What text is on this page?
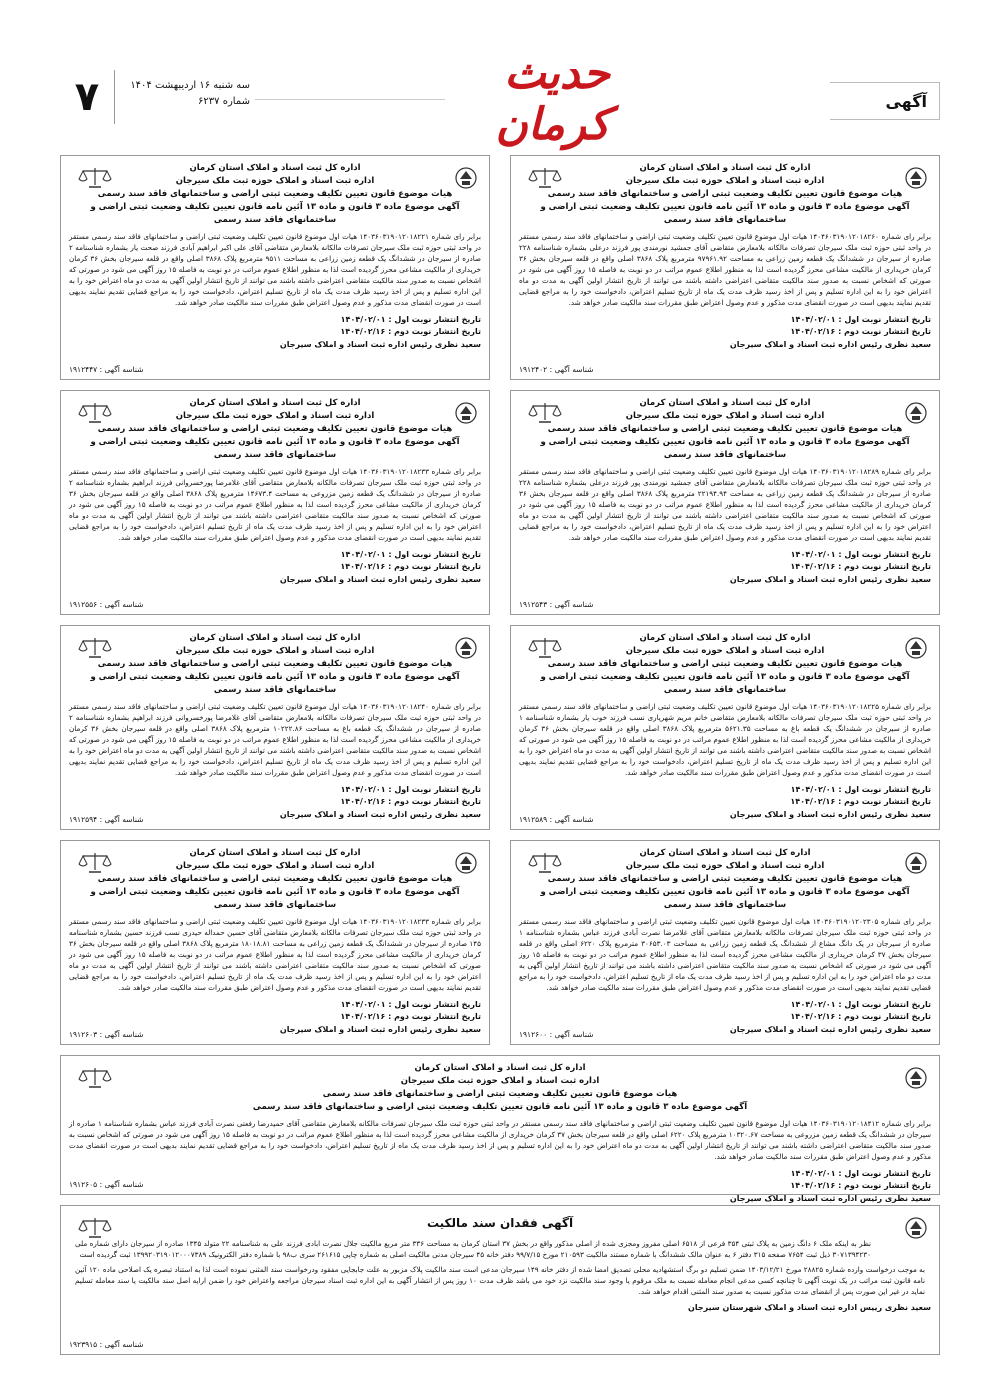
آگهی
حدیث کرمان
سه شنبه ۱۶ اردیبهشت ۱۴۰۴
شماره ۶۲۳۷
۷
اداره کل ثبت اسناد و املاک استان کرمان
اداره ثبت اسناد و املاک حوزه ثبت ملک سیرجان
هیات موضوع قانون تعیین تکلیف وضعیت ثبتی اراضی و ساختمانهای فاقد سند رسمی
آگهی موضوع ماده ۳ قانون و ماده ۱۳ آئین نامه قانون تعیین تکلیف وضعیت ثبتی اراضی و ساختمانهای فاقد سند رسمی
برابر رای شماره ۱۴۰۴۶۰۳۱۹۰۱۲۰۱۸۲۶۰ هیات اول موضوع قانون تعیین تکلیف وضعیت ثبتی اراضی و ساختمانهای فاقد سند رسمی مستقر در واحد ثبتی حوزه ثبت ملک سیرجان تصرفات مالکانه بلامعارض متقاضی آقای جمشید نورمندی پور فرزند درعلی بشماره شناسنامه ۲۲۸ صادره از سیرجان در ششدانگ یک قطعه زمین زراعی به مساحت ۹۷۹۶۱.۹۲ مترمربع پلاک ۳۸۶۸ اصلی واقع در قلعه سیرجان بخش ۳۶ کرمان خریداری از مالکیت مشاعی محرز گردیده است لذا به منظور اطلاع عموم مراتب در دو نوبت به فاصله ۱۵ روز آگهی می شود در صورتی که اشخاص نسبت به صدور سند مالکیت متقاضی اعتراضی داشته باشند می توانند از تاریخ انتشار اولین آگهی به مدت دو ماه اعتراض خود را به این اداره تسلیم و پس از اخذ رسید ظرف مدت یک ماه از تاریخ تسلیم اعتراض، دادخواست خود را به مراجع قضایی تقدیم نمایند بدیهی است در صورت انقضای مدت مذکور و عدم وصول اعتراض طبق مقررات سند مالکیت صادر خواهد شد.
تاریخ انتشار نوبت اول : ۱۴۰۴/۰۲/۰۱
تاریخ انتشار نوبت دوم : ۱۴۰۴/۰۲/۱۶
سعید نظری رئیس اداره ثبت اسناد و املاک سیرجان
شناسه آگهی : ۱۹۱۲۴۰۲
اداره کل ثبت اسناد و املاک استان کرمان
اداره ثبت اسناد و املاک حوزه ثبت ملک سیرجان
هیات موضوع قانون تعیین تکلیف وضعیت ثبتی اراضی و ساختمانهای فاقد سند رسمی
آگهی موضوع ماده ۳ قانون و ماده ۱۳ آئین نامه قانون تعیین تکلیف وضعیت ثبتی اراضی و ساختمانهای فاقد سند رسمی
برابر رای شماره ۱۴۰۳۶۰۳۱۹۰۱۲۰۱۸۲۲۱ هیات اول موضوع قانون تعیین تکلیف وضعیت ثبتی اراضی و ساختمانهای فاقد سند رسمی مستقر در واحد ثبتی حوزه ثبت ملک سیرجان تصرفات مالکانه بلامعارض متقاضی آقای علی اکبر ابراهیم آبادی فرزند صحت یار بشماره شناسنامه ۲ صادره از سیرجان در ششدانگ یک قطعه زمین زراعی به مساحت ۹۵۱۱ مترمربع پلاک ۳۸۶۸ اصلی واقع در قلعه سیرجان بخش ۳۶ کرمان خریداری از مالکیت مشاعی محرز گردیده است لذا به منظور اطلاع عموم مراتب در دو نوبت به فاصله ۱۵ روز آگهی می شود در صورتی که اشخاص نسبت به صدور سند مالکیت متقاضی اعتراضی داشته باشند می توانند از تاریخ انتشار اولین آگهی به مدت دو ماه اعتراض خود را به این اداره تسلیم و پس از اخذ رسید ظرف مدت یک ماه از تاریخ تسلیم اعتراض، دادخواست خود را به مراجع قضایی تقدیم نمایند بدیهی است در صورت انقضای مدت مذکور و عدم وصول اعتراض طبق مقررات سند مالکیت صادر خواهد شد.
تاریخ انتشار نوبت اول : ۱۴۰۴/۰۲/۰۱
تاریخ انتشار نوبت دوم : ۱۴۰۴/۰۲/۱۶
سعید نظری رئیس اداره ثبت اسناد و املاک سیرجان
شناسه آگهی : ۱۹۱۲۴۴۷
اداره کل ثبت اسناد و املاک استان کرمان
اداره ثبت اسناد و املاک حوزه ثبت ملک سیرجان
هیات موضوع قانون تعیین تکلیف وضعیت ثبتی اراضی و ساختمانهای فاقد سند رسمی
آگهی موضوع ماده ۳ قانون و ماده ۱۳ آئین نامه قانون تعیین تکلیف وضعیت ثبتی اراضی و ساختمانهای فاقد سند رسمی
برابر رای شماره ۱۴۰۳۶۰۳۱۹۰۱۲۰۱۸۲۸۹ هیات اول موضوع قانون تعیین تکلیف وضعیت ثبتی اراضی و ساختمانهای فاقد سند رسمی مستقر در واحد ثبتی حوزه ثبت ملک سیرجان تصرفات مالکانه بلامعارض متقاضی آقای جمشید نورمندی پور فرزند درعلی بشماره شناسنامه ۲۲۸ صادره از سیرجان در ششدانگ یک قطعه زمین زراعی به مساحت ۲۲۱۹۴.۹۴ مترمربع پلاک ۳۸۶۸ اصلی واقع در قلعه سیرجان بخش ۳۶ کرمان خریداری از مالکیت مشاعی محرز گردیده است لذا به منظور اطلاع عموم مراتب در دو نوبت به فاصله ۱۵ روز آگهی می شود در صورتی که اشخاص نسبت به صدور سند مالکیت متقاضی اعتراضی داشته باشند می توانند از تاریخ انتشار اولین آگهی به مدت دو ماه اعتراض خود را به این اداره تسلیم و پس از اخذ رسید ظرف مدت یک ماه از تاریخ تسلیم اعتراض، دادخواست خود را به مراجع قضایی تقدیم نمایند بدیهی است در صورت انقضای مدت مذکور و عدم وصول اعتراض طبق مقررات سند مالکیت صادر خواهد شد.
تاریخ انتشار نوبت اول : ۱۴۰۴/۰۲/۰۱
تاریخ انتشار نوبت دوم : ۱۴۰۴/۰۲/۱۶
سعید نظری رئیس اداره ثبت اسناد و املاک سیرجان
شناسه آگهی : ۱۹۱۲۵۴۳
اداره کل ثبت اسناد و املاک استان کرمان
اداره ثبت اسناد و املاک حوزه ثبت ملک سیرجان
هیات موضوع قانون تعیین تکلیف وضعیت ثبتی اراضی و ساختمانهای فاقد سند رسمی
آگهی موضوع ماده ۳ قانون و ماده ۱۳ آئین نامه قانون تعیین تکلیف وضعیت ثبتی اراضی و ساختمانهای فاقد سند رسمی
برابر رای شماره ۱۴۰۳۶۰۳۱۹۰۱۲۰۱۸۲۳۳ هیات اول موضوع قانون تعیین تکلیف وضعیت ثبتی اراضی و ساختمانهای فاقد سند رسمی مستقر در واحد ثبتی حوزه ثبت ملک سیرجان تصرفات مالکانه بلامعارض متقاضی آقای غلامرضا پورخسروانی فرزند ابراهیم بشماره شناسنامه ۲ صادره از سیرجان در ششدانگ یک قطعه زمین مزروعی به مساحت ۱۴۶۷۳.۴ مترمربع پلاک ۳۸۶۸ اصلی واقع در قلعه سیرجان بخش ۳۶ کرمان خریداری از مالکیت مشاعی محرز گردیده است لذا به منظور اطلاع عموم مراتب در دو نوبت به فاصله ۱۵ روز آگهی می شود در صورتی که اشخاص نسبت به صدور سند مالکیت متقاضی اعتراضی داشته باشند می توانند از تاریخ انتشار اولین آگهی به مدت دو ماه اعتراض خود را به این اداره تسلیم و پس از اخذ رسید ظرف مدت یک ماه از تاریخ تسلیم اعتراض، دادخواست خود را به مراجع قضایی تقدیم نمایند بدیهی است در صورت انقضای مدت مذکور و عدم وصول اعتراض طبق مقررات سند مالکیت صادر خواهد شد.
تاریخ انتشار نوبت اول : ۱۴۰۴/۰۲/۰۱
تاریخ انتشار نوبت دوم : ۱۴۰۴/۰۲/۱۶
سعید نظری رئیس اداره ثبت اسناد و املاک سیرجان
شناسه آگهی : ۱۹۱۲۵۵۶
اداره کل ثبت اسناد و املاک استان کرمان
اداره ثبت اسناد و املاک حوزه ثبت ملک سیرجان
هیات موضوع قانون تعیین تکلیف وضعیت ثبتی اراضی و ساختمانهای فاقد سند رسمی
آگهی موضوع ماده ۳ قانون و ماده ۱۳ آئین نامه قانون تعیین تکلیف وضعیت ثبتی اراضی و ساختمانهای فاقد سند رسمی
برابر رای شماره ۱۴۰۳۶۰۳۱۹۰۱۲۰۱۸۲۲۵ هیات اول موضوع قانون تعیین تکلیف وضعیت ثبتی اراضی و ساختمانهای فاقد سند رسمی مستقر در واحد ثبتی حوزه ثبت ملک سیرجان تصرفات مالکانه بلامعارض متقاضی خانم مریم شهریاری نسب فرزند خوب یار بشماره شناسنامه ۱ صادره از سیرجان در ششدانگ یک قطعه باغ به مساحت ۵۶۲۱.۳۵ مترمربع پلاک ۳۸۶۸ اصلی واقع در قلعه سیرجان بخش ۳۶ کرمان خریداری از مالکیت مشاعی محرز گردیده است لذا به منظور اطلاع عموم مراتب در دو نوبت به فاصله ۱۵ روز آگهی می شود در صورتی که اشخاص نسبت به صدور سند مالکیت متقاضی اعتراضی داشته باشند می توانند از تاریخ انتشار اولین آگهی به مدت دو ماه اعتراض خود را به این اداره تسلیم و پس از اخذ رسید ظرف مدت یک ماه از تاریخ تسلیم اعتراض، دادخواست خود را به مراجع قضایی تقدیم نمایند بدیهی است در صورت انقضای مدت مذکور و عدم وصول اعتراض طبق مقررات سند مالکیت صادر خواهد شد.
تاریخ انتشار نوبت اول : ۱۴۰۴/۰۲/۰۱
تاریخ انتشار نوبت دوم : ۱۴۰۴/۰۲/۱۶
سعید نظری رئیس اداره ثبت اسناد و املاک سیرجان
شناسه آگهی : ۱۹۱۲۵۸۹
اداره کل ثبت اسناد و املاک استان کرمان
اداره ثبت اسناد و املاک حوزه ثبت ملک سیرجان
هیات موضوع قانون تعیین تکلیف وضعیت ثبتی اراضی و ساختمانهای فاقد سند رسمی
آگهی موضوع ماده ۳ قانون و ماده ۱۳ آئین نامه قانون تعیین تکلیف وضعیت ثبتی اراضی و ساختمانهای فاقد سند رسمی
برابر رای شماره ۱۴۰۳۶۰۳۱۹۰۱۲۰۱۸۲۴۰ هیات اول موضوع قانون تعیین تکلیف وضعیت ثبتی اراضی و ساختمانهای فاقد سند رسمی مستقر در واحد ثبتی حوزه ثبت ملک سیرجان تصرفات مالکانه بلامعارض متقاضی آقای غلامرضا پورخسروانی فرزند ابراهیم بشماره شناسنامه ۲ صادره از سیرجان در ششدانگ یک قطعه باغ به مساحت ۱۰۲۲۲.۸۶ مترمربع پلاک ۳۸۶۸ اصلی واقع در قلعه سیرجان بخش ۳۶ کرمان خریداری از مالکیت مشاعی محرز گردیده است لذا به منظور اطلاع عموم مراتب در دو نوبت به فاصله ۱۵ روز آگهی می شود در صورتی که اشخاص نسبت به صدور سند مالکیت متقاضی اعتراضی داشته باشند می توانند از تاریخ انتشار اولین آگهی به مدت دو ماه اعتراض خود را به این اداره تسلیم و پس از اخذ رسید ظرف مدت یک ماه از تاریخ تسلیم اعتراض، دادخواست خود را به مراجع قضایی تقدیم نمایند بدیهی است در صورت انقضای مدت مذکور و عدم وصول اعتراض طبق مقررات سند مالکیت صادر خواهد شد.
تاریخ انتشار نوبت اول : ۱۴۰۴/۰۲/۰۱
تاریخ انتشار نوبت دوم : ۱۴۰۴/۰۲/۱۶
سعید نظری رئیس اداره ثبت اسناد و املاک سیرجان
شناسه آگهی : ۱۹۱۲۵۹۴
اداره کل ثبت اسناد و املاک استان کرمان
اداره ثبت اسناد و املاک حوزه ثبت ملک سیرجان
هیات موضوع قانون تعیین تکلیف وضعیت ثبتی اراضی و ساختمانهای فاقد سند رسمی
آگهی موضوع ماده ۳ قانون و ماده ۱۳ آئین نامه قانون تعیین تکلیف وضعیت ثبتی اراضی و ساختمانهای فاقد سند رسمی
برابر رای شماره ۱۴۰۳۶۰۳۱۹۰۱۲۰۲۳۰۵ هیات اول موضوع قانون تعیین تکلیف وضعیت ثبتی اراضی و ساختمانهای فاقد سند رسمی مستقر در واحد ثبتی حوزه ثبت ملک سیرجان تصرفات مالکانه بلامعارض متقاضی آقای غلامرضا نصرت آبادی فرزند عباس بشماره شناسنامه ۱ صادره از سیرجان در یک دانگ مشاع از ششدانگ یک قطعه زمین زراعی به مساحت ۳۰۶۵۳.۰۳ مترمربع پلاک ۶۲۲۰ اصلی واقع در قلعه سیرجان بخش ۳۷ کرمان خریداری از مالکیت مشاعی محرز گردیده است لذا به منظور اطلاع عموم مراتب در دو نوبت به فاصله ۱۵ روز آگهی می شود در صورتی که اشخاص نسبت به صدور سند مالکیت متقاضی اعتراضی داشته باشند می توانند از تاریخ انتشار اولین آگهی به مدت دو ماه اعتراض خود را به این اداره تسلیم و پس از اخذ رسید ظرف مدت یک ماه از تاریخ تسلیم اعتراض، دادخواست خود را به مراجع قضایی تقدیم نمایند بدیهی است در صورت انقضای مدت مذکور و عدم وصول اعتراض طبق مقررات سند مالکیت صادر خواهد شد.
تاریخ انتشار نوبت اول : ۱۴۰۴/۰۲/۰۱
تاریخ انتشار نوبت دوم : ۱۴۰۴/۰۲/۱۶
سعید نظری رئیس اداره ثبت اسناد و املاک سیرجان
شناسه آگهی : ۱۹۱۲۶۰۰
اداره کل ثبت اسناد و املاک استان کرمان
اداره ثبت اسناد و املاک حوزه ثبت ملک سیرجان
هیات موضوع قانون تعیین تکلیف وضعیت ثبتی اراضی و ساختمانهای فاقد سند رسمی
آگهی موضوع ماده ۳ قانون و ماده ۱۳ آئین نامه قانون تعیین تکلیف وضعیت ثبتی اراضی و ساختمانهای فاقد سند رسمی
برابر رای شماره ۱۴۰۳۶۰۳۱۹۰۱۲۰۱۸۲۳۳ هیات اول موضوع قانون تعیین تکلیف وضعیت ثبتی اراضی و ساختمانهای فاقد سند رسمی مستقر در واحد ثبتی حوزه ثبت ملک سیرجان تصرفات مالکانه بلامعارض متقاضی آقای حسین حمداله حیدری نسب فرزند حسین بشماره شناسنامه ۱۴۵ صادره از سیرجان در ششدانگ یک قطعه زمین زراعی به مساحت ۱۸۰۱۸.۸۱ مترمربع پلاک ۳۸۶۸ اصلی واقع در قلعه سیرجان بخش ۳۶ کرمان خریداری از مالکیت مشاعی محرز گردیده است لذا به منظور اطلاع عموم مراتب در دو نوبت به فاصله ۱۵ روز آگهی می شود در صورتی که اشخاص نسبت به صدور سند مالکیت متقاضی اعتراضی داشته باشند می توانند از تاریخ انتشار اولین آگهی به مدت دو ماه اعتراض خود را به این اداره تسلیم و پس از اخذ رسید ظرف مدت یک ماه از تاریخ تسلیم اعتراض، دادخواست خود را به مراجع قضایی تقدیم نمایند بدیهی است در صورت انقضای مدت مذکور و عدم وصول اعتراض طبق مقررات سند مالکیت صادر خواهد شد.
تاریخ انتشار نوبت اول : ۱۴۰۴/۰۲/۰۱
تاریخ انتشار نوبت دوم : ۱۴۰۴/۰۲/۱۶
سعید نظری رئیس اداره ثبت اسناد و املاک سیرجان
شناسه آگهی : ۱۹۱۲۶۰۳
اداره کل ثبت اسناد و املاک استان کرمان
اداره ثبت اسناد و املاک حوزه ثبت ملک سیرجان
هیات موضوع قانون تعیین تکلیف وضعیت ثبتی اراضی و ساختمانهای فاقد سند رسمی
آگهی موضوع ماده ۳ قانون و ماده ۱۳ آئین نامه قانون تعیین تکلیف وضعیت ثبتی اراضی و ساختمانهای فاقد سند رسمی
برابر رای شماره ۱۴۰۳۶۰۳۱۹۰۱۲۰۱۸۴۱۲ هیات اول موضوع قانون تعیین تکلیف وضعیت ثبتی اراضی و ساختمانهای فاقد سند رسمی مستقر در واحد ثبتی حوزه ثبت ملک سیرجان تصرفات مالکانه بلامعارض متقاضی آقای حمیدرضا رفعتی نصرت آبادی فرزند عباس بشماره شناسنامه ۱ صادره از سیرجان در ششدانگ یک قطعه زمین مزروعی به مساحت ۱۰۳۲۰.۶۷ مترمربع پلاک ۶۲۲۰ اصلی واقع در قلعه سیرجان بخش ۳۷ کرمان خریداری از مالکیت مشاعی محرز گردیده است لذا به منظور اطلاع عموم مراتب در دو نوبت به فاصله ۱۵ روز آگهی می شود در صورتی که اشخاص نسبت به صدور سند مالکیت متقاضی اعتراضی داشته باشند می توانند از تاریخ انتشار اولین آگهی به مدت دو ماه اعتراض خود را به این اداره تسلیم و پس از اخذ رسید ظرف مدت یک ماه از تاریخ تسلیم اعتراض، دادخواست خود را به مراجع قضایی تقدیم نمایند بدیهی است در صورت انقضای مدت مذکور و عدم وصول اعتراض طبق مقررات سند مالکیت صادر خواهد شد.
تاریخ انتشار نوبت اول : ۱۴۰۴/۰۲/۰۱
تاریخ انتشار نوبت دوم : ۱۴۰۴/۰۲/۱۶
سعید نظری رئیس اداره ثبت اسناد و املاک سیرجان
شناسه آگهی : ۱۹۱۲۶۰۵
آگهی فقدان سند مالکیت
نظر به اینکه ملک ۶ دانگ زمین به پلاک ثبتی ۳۵۴ فرعی از ۶۵۱۸ اصلی مفروز ومجزی شده از اصلی مذکور واقع در بخش ۳۷ استان کرمان به مساحت ۳۳۶ متر مربع مالکیت جلال نصرت ابادی فرزند علی به شناسنامه ۲۲ متولد ۱۳۴۵ صادره از سیرجان دارای شماره ملی ۳۰۷۱۳۹۴۲۳۰ ذیل ثبت ۷۶۵۴ صفحه ۳۱۵ دفتر ۶ به عنوان مالک ششدانگ با شماره مستند مالکیت ۲۱۰۵۹۳ مورخ ۹۹/۷/۱۵ دفتر خانه ۴۵ سیرجان مدنی مالکیت اصلی به شماره چاپی ۲۶۱۶۱۵ سری ب۹۸ با شماره دفتر الکترونیک ۱۳۹۹۲۰۳۱۹۰۱۲۰۰۰۷۳۸۹ ثبت گردیده است
به موجب درخواست وارده شماره ۲۸۸۲۵ مورخ ۱۴۰۳/۱۲/۲۱ ضمن تسلیم دو برگ استشهادیه محلی تصدیق امضا شده از دفتر خانه ۱۴۹ سیرجان مدعی است سند مالکیت پلاک مزبور به علت جابجایی مفقود ودرخواست سند المثنی نموده است لذا به استناد تبصره یک اصلاحی ماده ۱۲۰ آئین نامه قانون ثبت مراتب در یک نوبت آگهی تا چنانچه کسی مدعی انجام معامله نسبت به ملک مرقوم یا وجود سند مالکیت نزد خود می باشد ظرف مدت ۱۰ روز پس از انتشار آگهی به این اداره ثبت اسناد سیرجان مراجعه واعتراض خود را ضمن ارایه اصل سند مالکیت یا سند معامله تسلیم نماید در غیر این صورت پس از انقضای مدت مذکور نسبت به صدور سند المثنی اقدام خواهد شد.
سعید نظری رییس اداره ثبت اسناد و املاک شهرستان سیرجان
شناسه آگهی : ۱۹۲۳۹۱۵
